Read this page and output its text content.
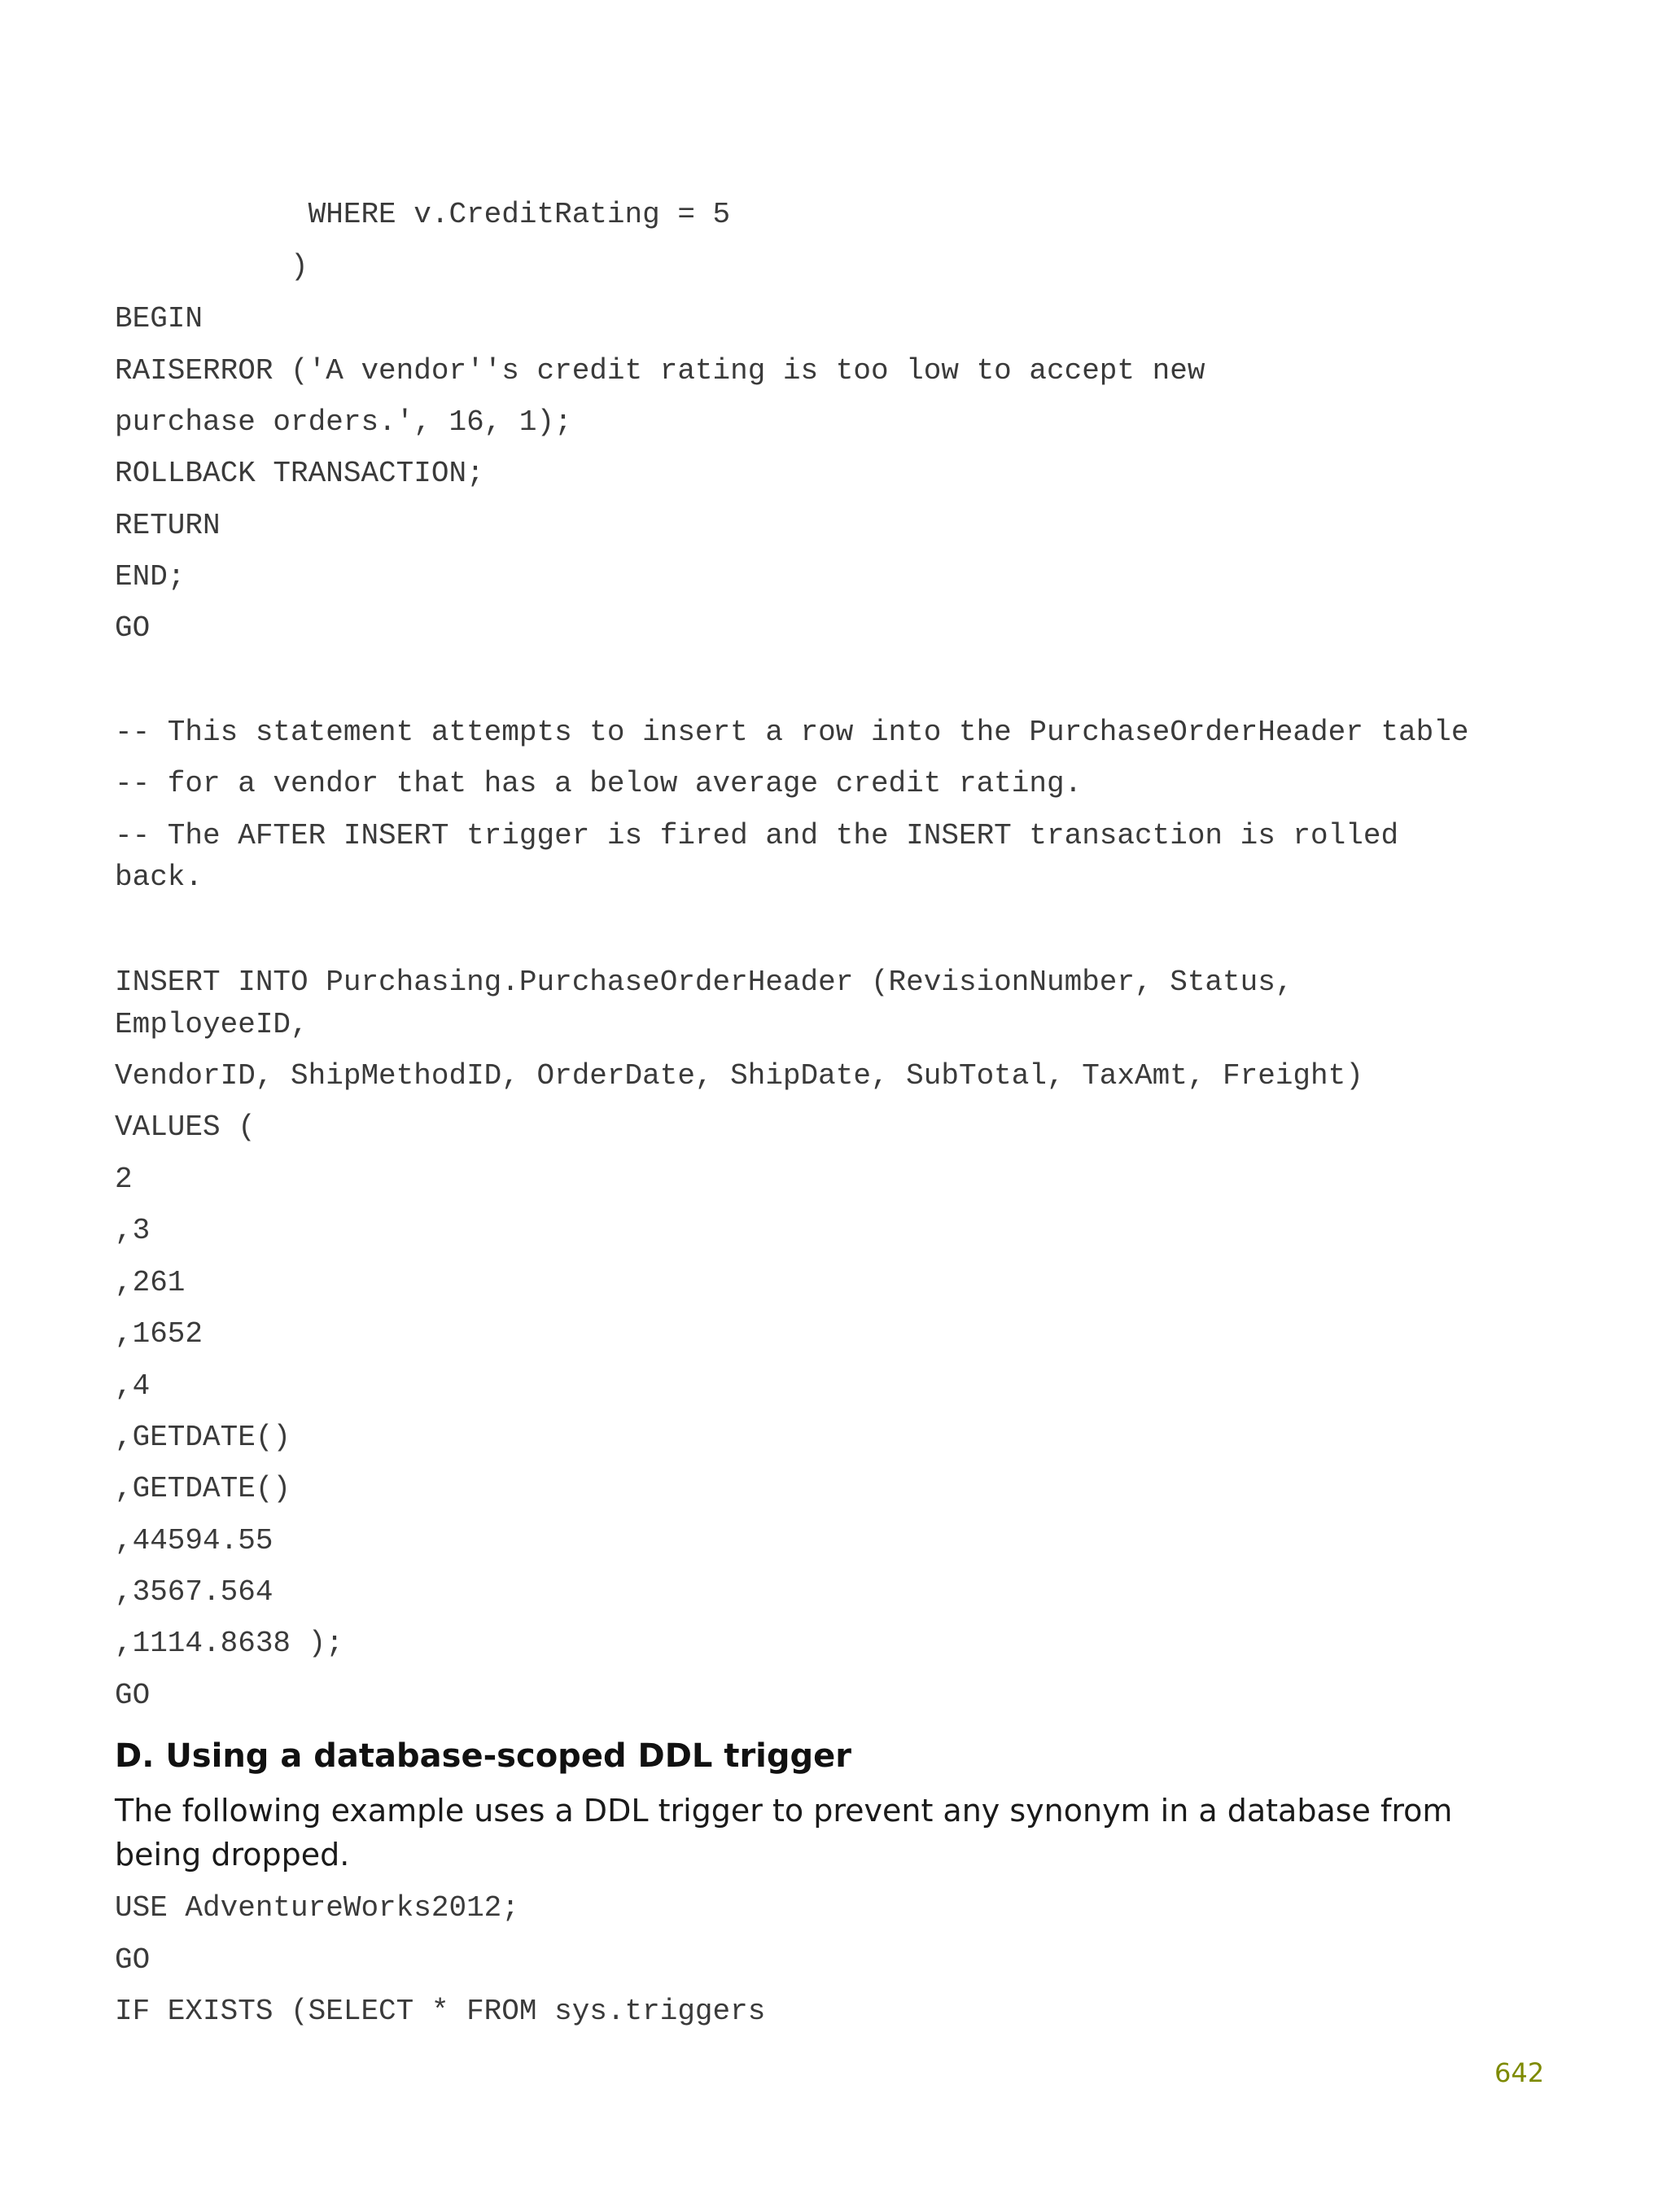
WHERE v.CreditRating = 5
)
BEGIN
RAISERROR ('A vendor''s credit rating is too low to accept new
purchase orders.', 16, 1);
ROLLBACK TRANSACTION;
RETURN
END;
GO
-- This statement attempts to insert a row into the PurchaseOrderHeader table
-- for a vendor that has a below average credit rating.
-- The AFTER INSERT trigger is fired and the INSERT transaction is rolled
back.
INSERT INTO Purchasing.PurchaseOrderHeader (RevisionNumber, Status,
EmployeeID,
VendorID, ShipMethodID, OrderDate, ShipDate, SubTotal, TaxAmt, Freight)
VALUES (
2
,3
,261
,1652
,4
,GETDATE()
,GETDATE()
,44594.55
,3567.564
,1114.8638 );
GO
D. Using a database-scoped DDL trigger

The following example uses a DDL trigger to prevent any synonym in a database from being dropped.

USE AdventureWorks2012;
GO
IF EXISTS (SELECT * FROM sys.triggers
642
